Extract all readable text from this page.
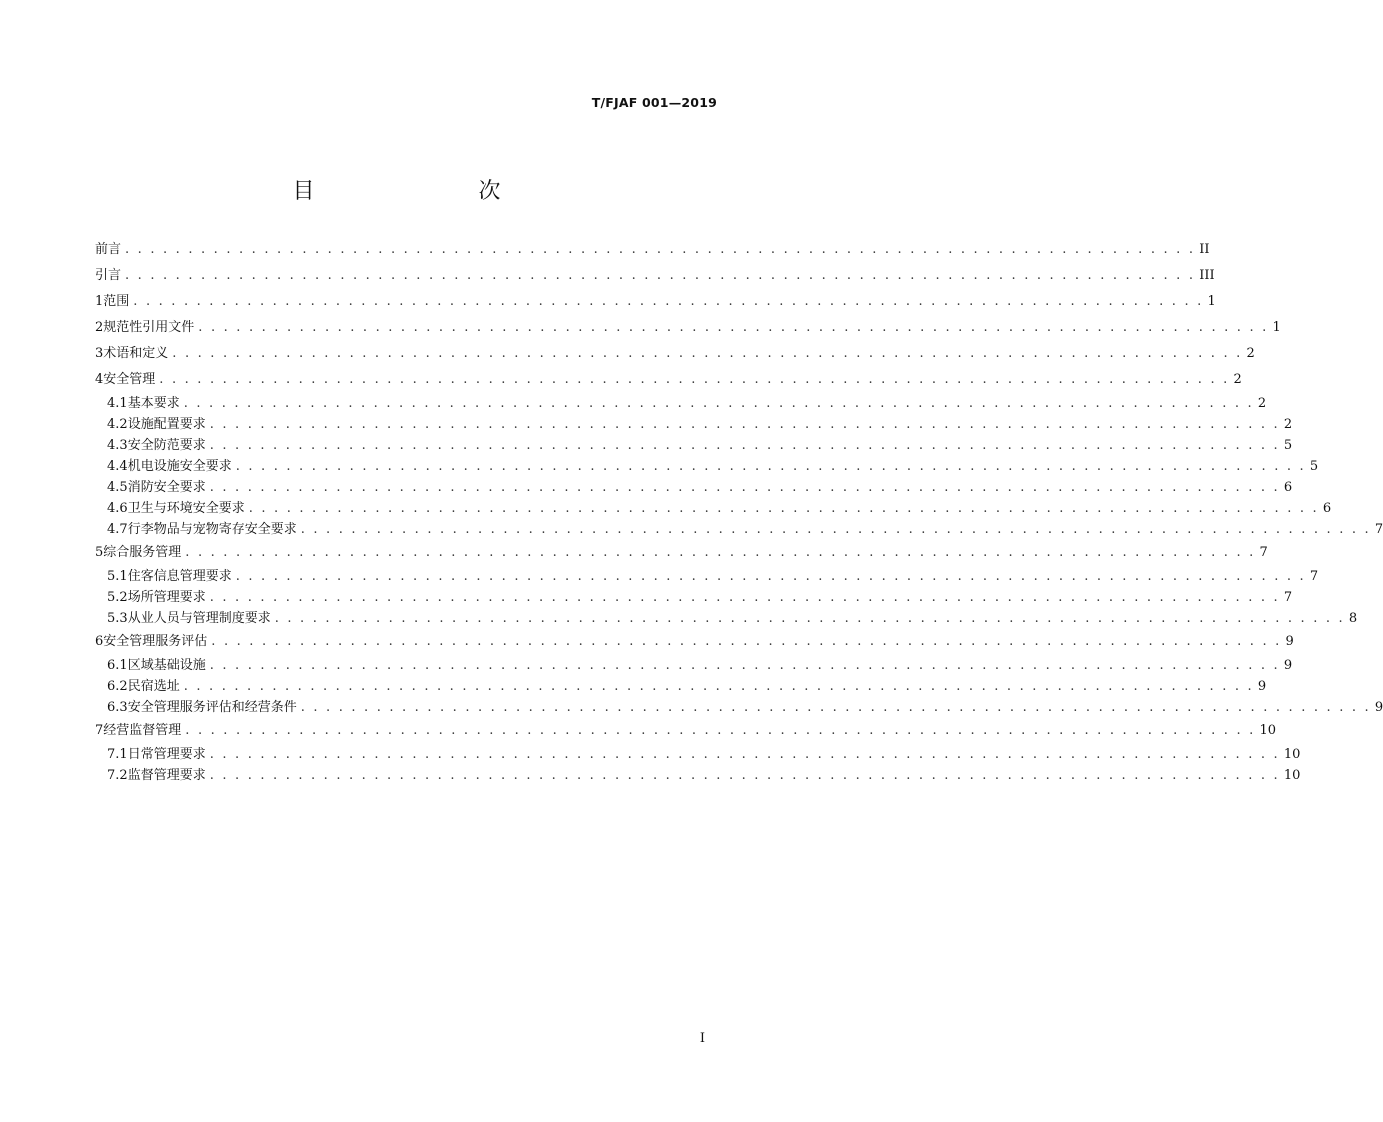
T/FJAF 001—2019
目　　次
前言 . . . . . . . . . . . . . . . . . . . . . . . . . . . . . . . . . . . . . . . . . . . . . . . . . . . . . . . . . . . . . . . . . . . . . . . . . . . . . . . . . . . . . II
引言 . . . . . . . . . . . . . . . . . . . . . . . . . . . . . . . . . . . . . . . . . . . . . . . . . . . . . . . . . . . . . . . . . . . . . . . . . . . . . . . . . . . . . III
1 范围 . . . . . . . . . . . . . . . . . . . . . . . . . . . . . . . . . . . . . . . . . . . . . . . . . . . . . . . . . . . . . . . . . . . . . . . . . . . . . . . . . . . . . 1
2 规范性引用文件 . . . . . . . . . . . . . . . . . . . . . . . . . . . . . . . . . . . . . . . . . . . . . . . . . . . . . . . . . . . . . . . . . . . . . . . . . . . . . . . . . . . . . 1
3 术语和定义 . . . . . . . . . . . . . . . . . . . . . . . . . . . . . . . . . . . . . . . . . . . . . . . . . . . . . . . . . . . . . . . . . . . . . . . . . . . . . . . . . . . . . 2
4 安全管理 . . . . . . . . . . . . . . . . . . . . . . . . . . . . . . . . . . . . . . . . . . . . . . . . . . . . . . . . . . . . . . . . . . . . . . . . . . . . . . . . . . . . . 2
4.1 基本要求 . . . . . . . . . . . . . . . . . . . . . . . . . . . . . . . . . . . . . . . . . . . . . . . . . . . . . . . . . . . . . . . . . . . . . . . . . . . . . . . . . . . . . 2
4.2 设施配置要求 . . . . . . . . . . . . . . . . . . . . . . . . . . . . . . . . . . . . . . . . . . . . . . . . . . . . . . . . . . . . . . . . . . . . . . . . . . . . . . . . . . . . . 2
4.3 安全防范要求 . . . . . . . . . . . . . . . . . . . . . . . . . . . . . . . . . . . . . . . . . . . . . . . . . . . . . . . . . . . . . . . . . . . . . . . . . . . . . . . . . . . . . 5
4.4 机电设施安全要求 . . . . . . . . . . . . . . . . . . . . . . . . . . . . . . . . . . . . . . . . . . . . . . . . . . . . . . . . . . . . . . . . . . . . . . . . . . . . . . . . . . . . . 5
4.5 消防安全要求 . . . . . . . . . . . . . . . . . . . . . . . . . . . . . . . . . . . . . . . . . . . . . . . . . . . . . . . . . . . . . . . . . . . . . . . . . . . . . . . . . . . . . 6
4.6 卫生与环境安全要求 . . . . . . . . . . . . . . . . . . . . . . . . . . . . . . . . . . . . . . . . . . . . . . . . . . . . . . . . . . . . . . . . . . . . . . . . . . . . . . . . . . . . . 6
4.7 行李物品与宠物寄存安全要求 . . . . . . . . . . . . . . . . . . . . . . . . . . . . . . . . . . . . . . . . . . . . . . . . . . . . . . . . . . . . . . . . . . . . . . . . . . . . . . . . . . . . . 7
5 综合服务管理 . . . . . . . . . . . . . . . . . . . . . . . . . . . . . . . . . . . . . . . . . . . . . . . . . . . . . . . . . . . . . . . . . . . . . . . . . . . . . . . . . . . . . 7
5.1 住客信息管理要求 . . . . . . . . . . . . . . . . . . . . . . . . . . . . . . . . . . . . . . . . . . . . . . . . . . . . . . . . . . . . . . . . . . . . . . . . . . . . . . . . . . . . . 7
5.2 场所管理要求 . . . . . . . . . . . . . . . . . . . . . . . . . . . . . . . . . . . . . . . . . . . . . . . . . . . . . . . . . . . . . . . . . . . . . . . . . . . . . . . . . . . . . 7
5.3 从业人员与管理制度要求 . . . . . . . . . . . . . . . . . . . . . . . . . . . . . . . . . . . . . . . . . . . . . . . . . . . . . . . . . . . . . . . . . . . . . . . . . . . . . . . . . . . . . 8
6 安全管理服务评估 . . . . . . . . . . . . . . . . . . . . . . . . . . . . . . . . . . . . . . . . . . . . . . . . . . . . . . . . . . . . . . . . . . . . . . . . . . . . . . . . . . . . . 9
6.1 区域基础设施 . . . . . . . . . . . . . . . . . . . . . . . . . . . . . . . . . . . . . . . . . . . . . . . . . . . . . . . . . . . . . . . . . . . . . . . . . . . . . . . . . . . . . 9
6.2 民宿选址 . . . . . . . . . . . . . . . . . . . . . . . . . . . . . . . . . . . . . . . . . . . . . . . . . . . . . . . . . . . . . . . . . . . . . . . . . . . . . . . . . . . . . 9
6.3 安全管理服务评估和经营条件 . . . . . . . . . . . . . . . . . . . . . . . . . . . . . . . . . . . . . . . . . . . . . . . . . . . . . . . . . . . . . . . . . . . . . . . . . . . . . . . . . . . . . 9
7 经营监督管理 . . . . . . . . . . . . . . . . . . . . . . . . . . . . . . . . . . . . . . . . . . . . . . . . . . . . . . . . . . . . . . . . . . . . . . . . . . . . . . . . . . . . . 10
7.1 日常管理要求 . . . . . . . . . . . . . . . . . . . . . . . . . . . . . . . . . . . . . . . . . . . . . . . . . . . . . . . . . . . . . . . . . . . . . . . . . . . . . . . . . . . . . 10
7.2 监督管理要求 . . . . . . . . . . . . . . . . . . . . . . . . . . . . . . . . . . . . . . . . . . . . . . . . . . . . . . . . . . . . . . . . . . . . . . . . . . . . . . . . . . . . . 10
I
